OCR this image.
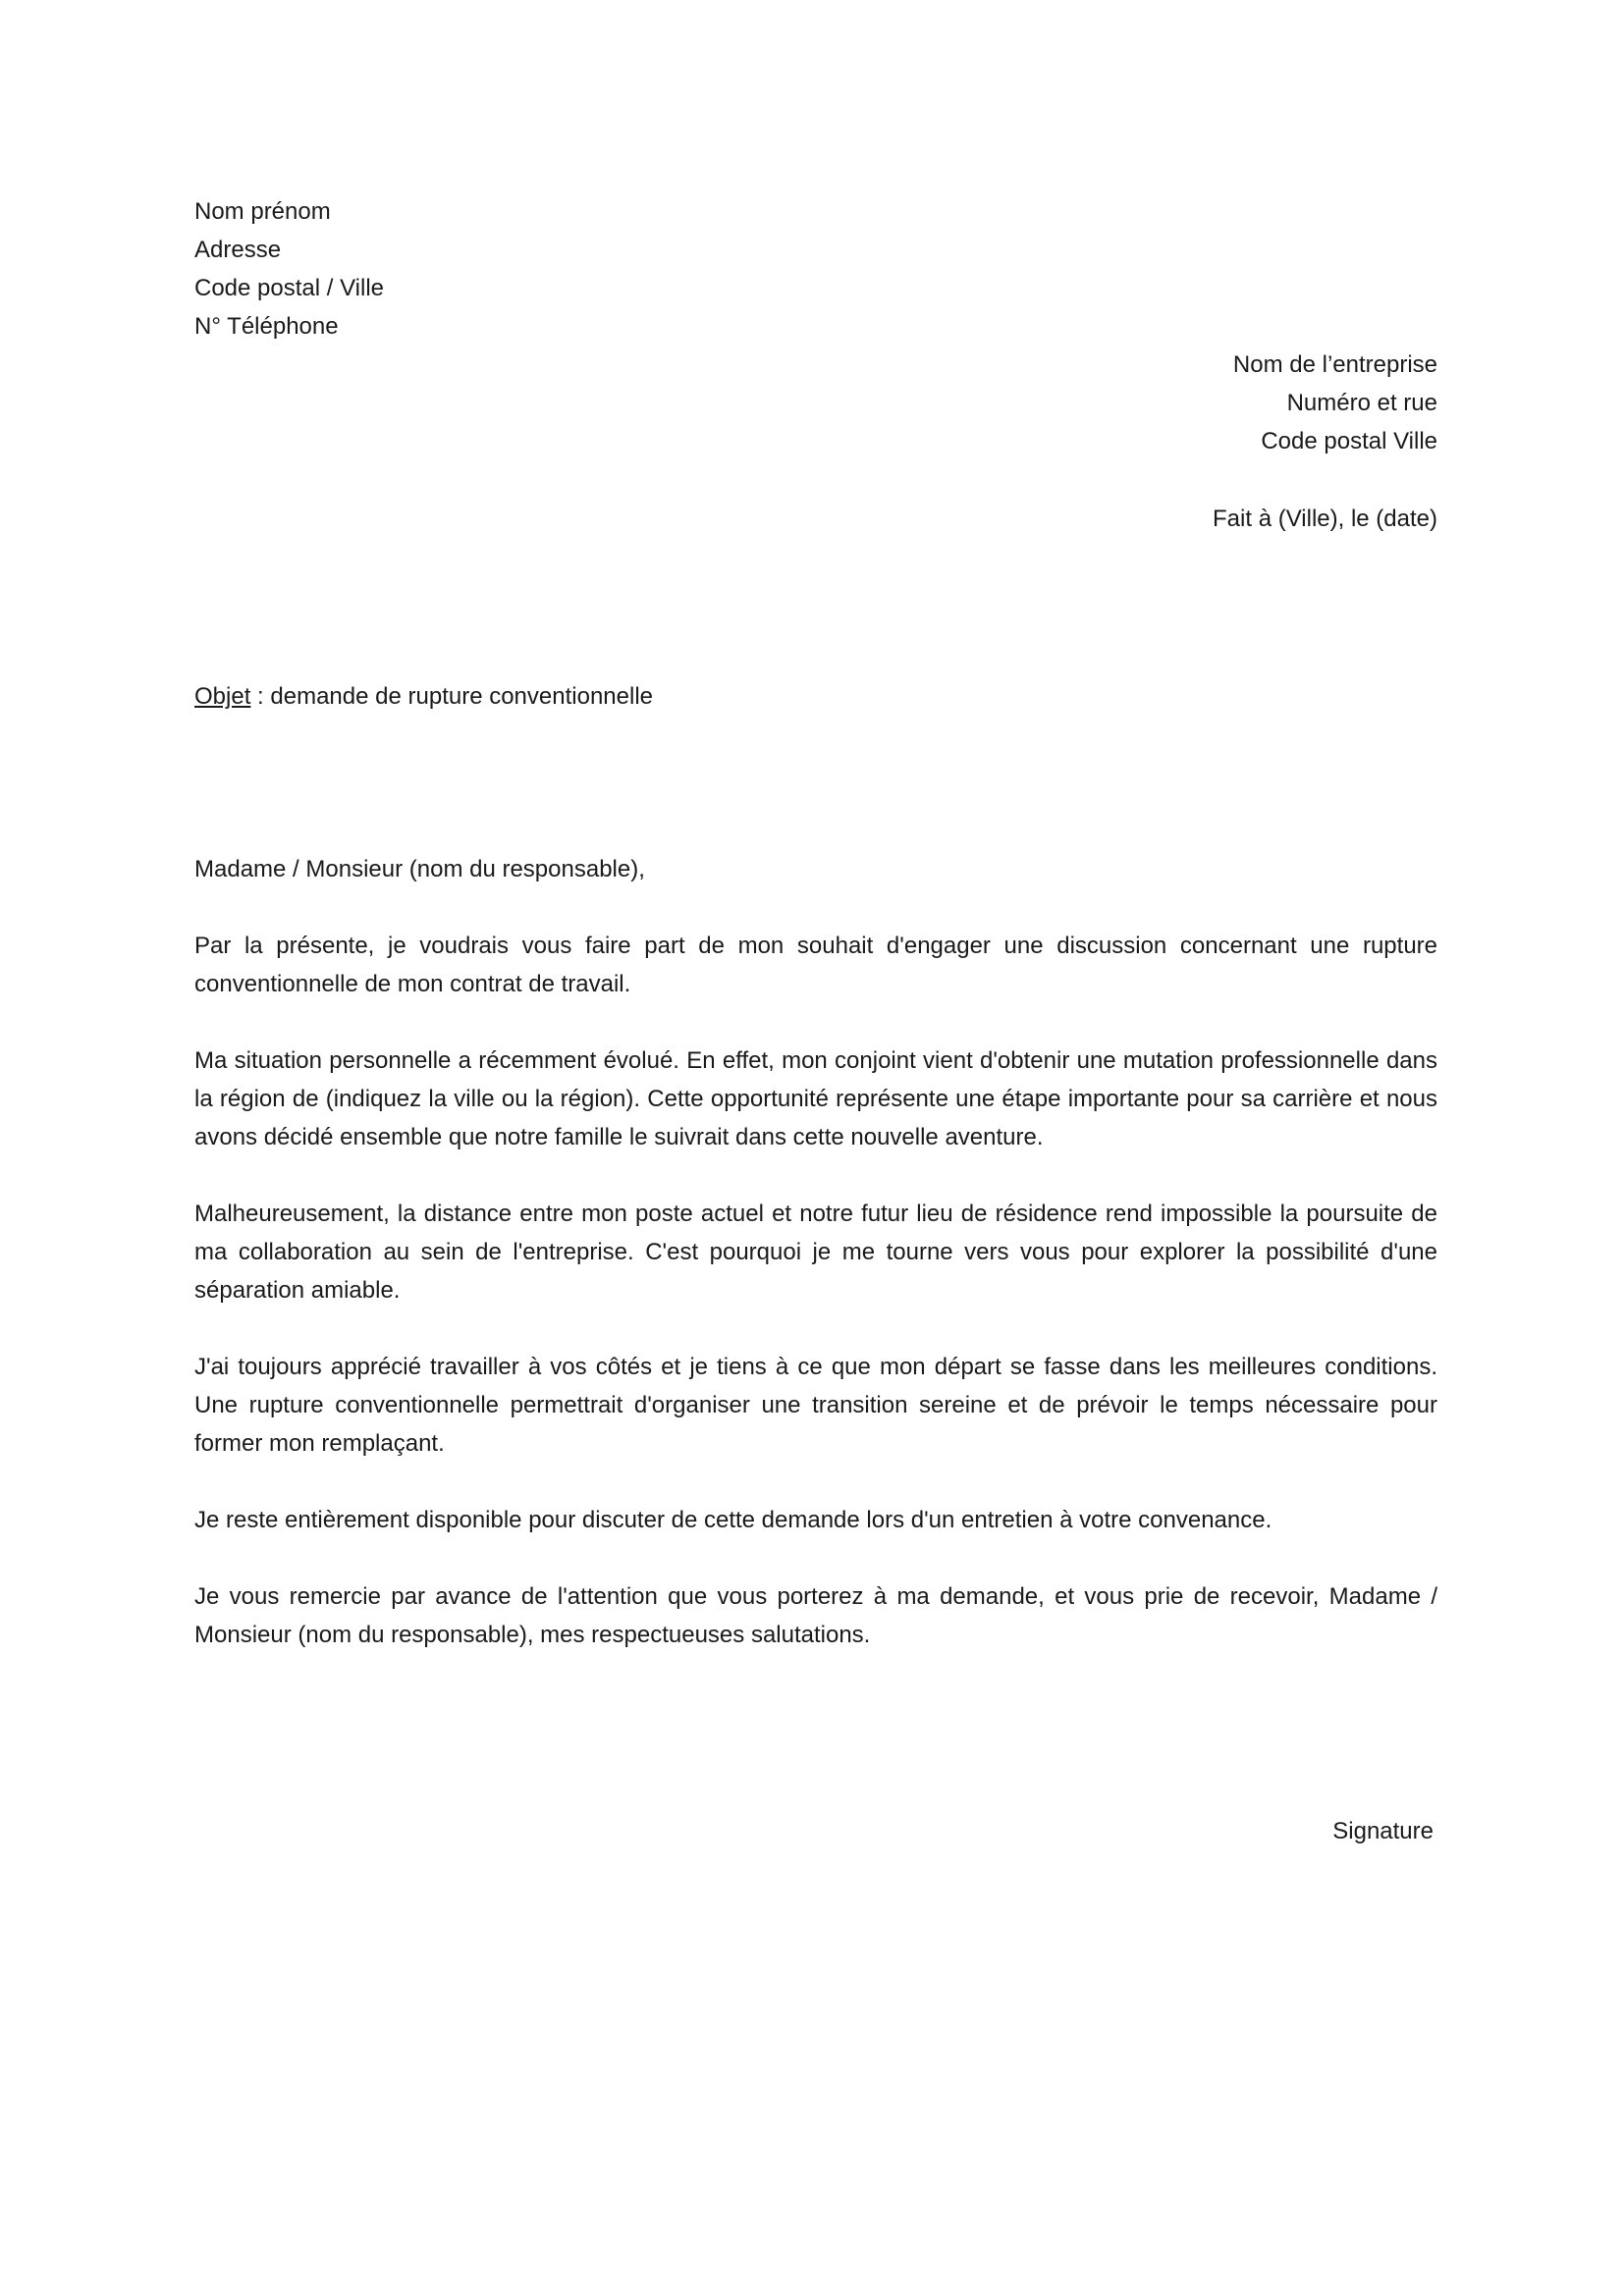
Nom prénom
Adresse
Code postal / Ville
N° Téléphone
Nom de l’entreprise
Numéro et rue
Code postal Ville
Fait à (Ville), le (date)
Objet : demande de rupture conventionnelle
Madame / Monsieur (nom du responsable),

Par la présente, je voudrais vous faire part de mon souhait d'engager une discussion concernant une rupture conventionnelle de mon contrat de travail.

Ma situation personnelle a récemment évolué. En effet, mon conjoint vient d'obtenir une mutation professionnelle dans la région de (indiquez la ville ou la région). Cette opportunité représente une étape importante pour sa carrière et nous avons décidé ensemble que notre famille le suivrait dans cette nouvelle aventure.

Malheureusement, la distance entre mon poste actuel et notre futur lieu de résidence rend impossible la poursuite de ma collaboration au sein de l'entreprise. C'est pourquoi je me tourne vers vous pour explorer la possibilité d'une séparation amiable.

J'ai toujours apprécié travailler à vos côtés et je tiens à ce que mon départ se fasse dans les meilleures conditions. Une rupture conventionnelle permettrait d'organiser une transition sereine et de prévoir le temps nécessaire pour former mon remplaçant.

Je reste entièrement disponible pour discuter de cette demande lors d'un entretien à votre convenance.

Je vous remercie par avance de l'attention que vous porterez à ma demande, et vous prie de recevoir, Madame / Monsieur (nom du responsable), mes respectueuses salutations.

Signature
